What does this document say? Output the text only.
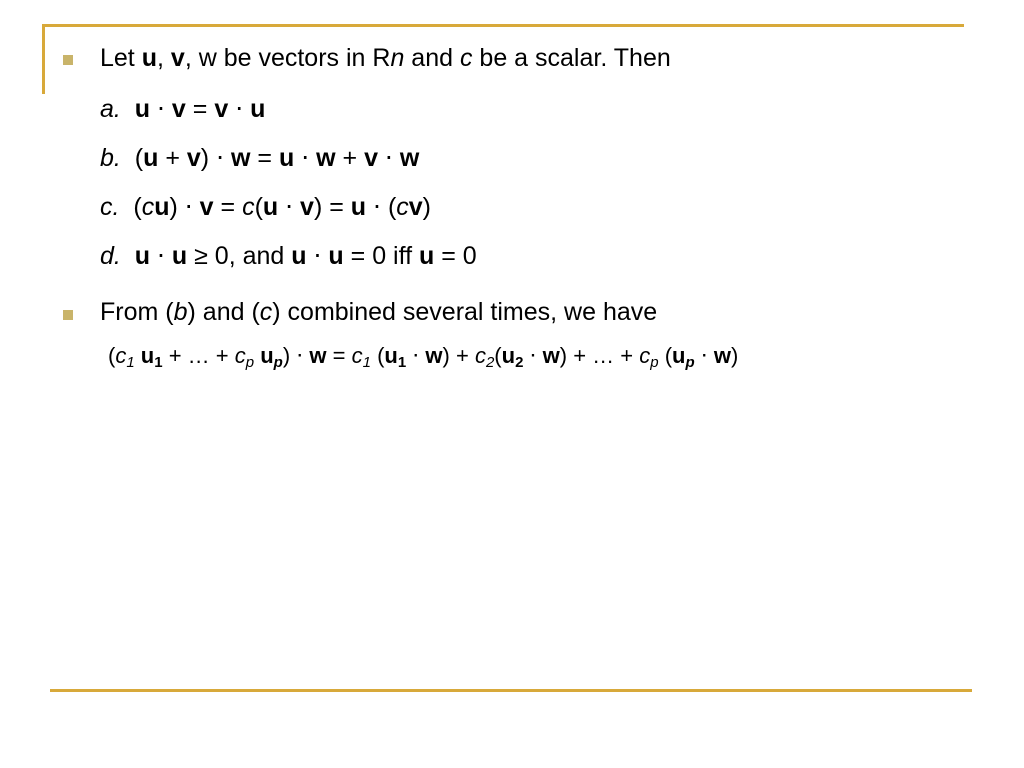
Let u, v, w be vectors in Rn and c be a scalar. Then
a. u ⋅ v = v ⋅ u
b. (u + v) ⋅ w = u ⋅ w + v ⋅ w
c. (cu) ⋅ v = c(u ⋅ v) = u ⋅ (cv)
d. u ⋅ u ≥ 0, and u ⋅ u = 0 iff u = 0
From (b) and (c) combined several times, we have
($c_1$ $u_1$ + … + $c_p$ $u_p) \cdot w = c_1$ $(u_1 \cdot w) + c_2(u_2 \cdot w)$ + … + $c_p$ $(u_p \cdot w)$
